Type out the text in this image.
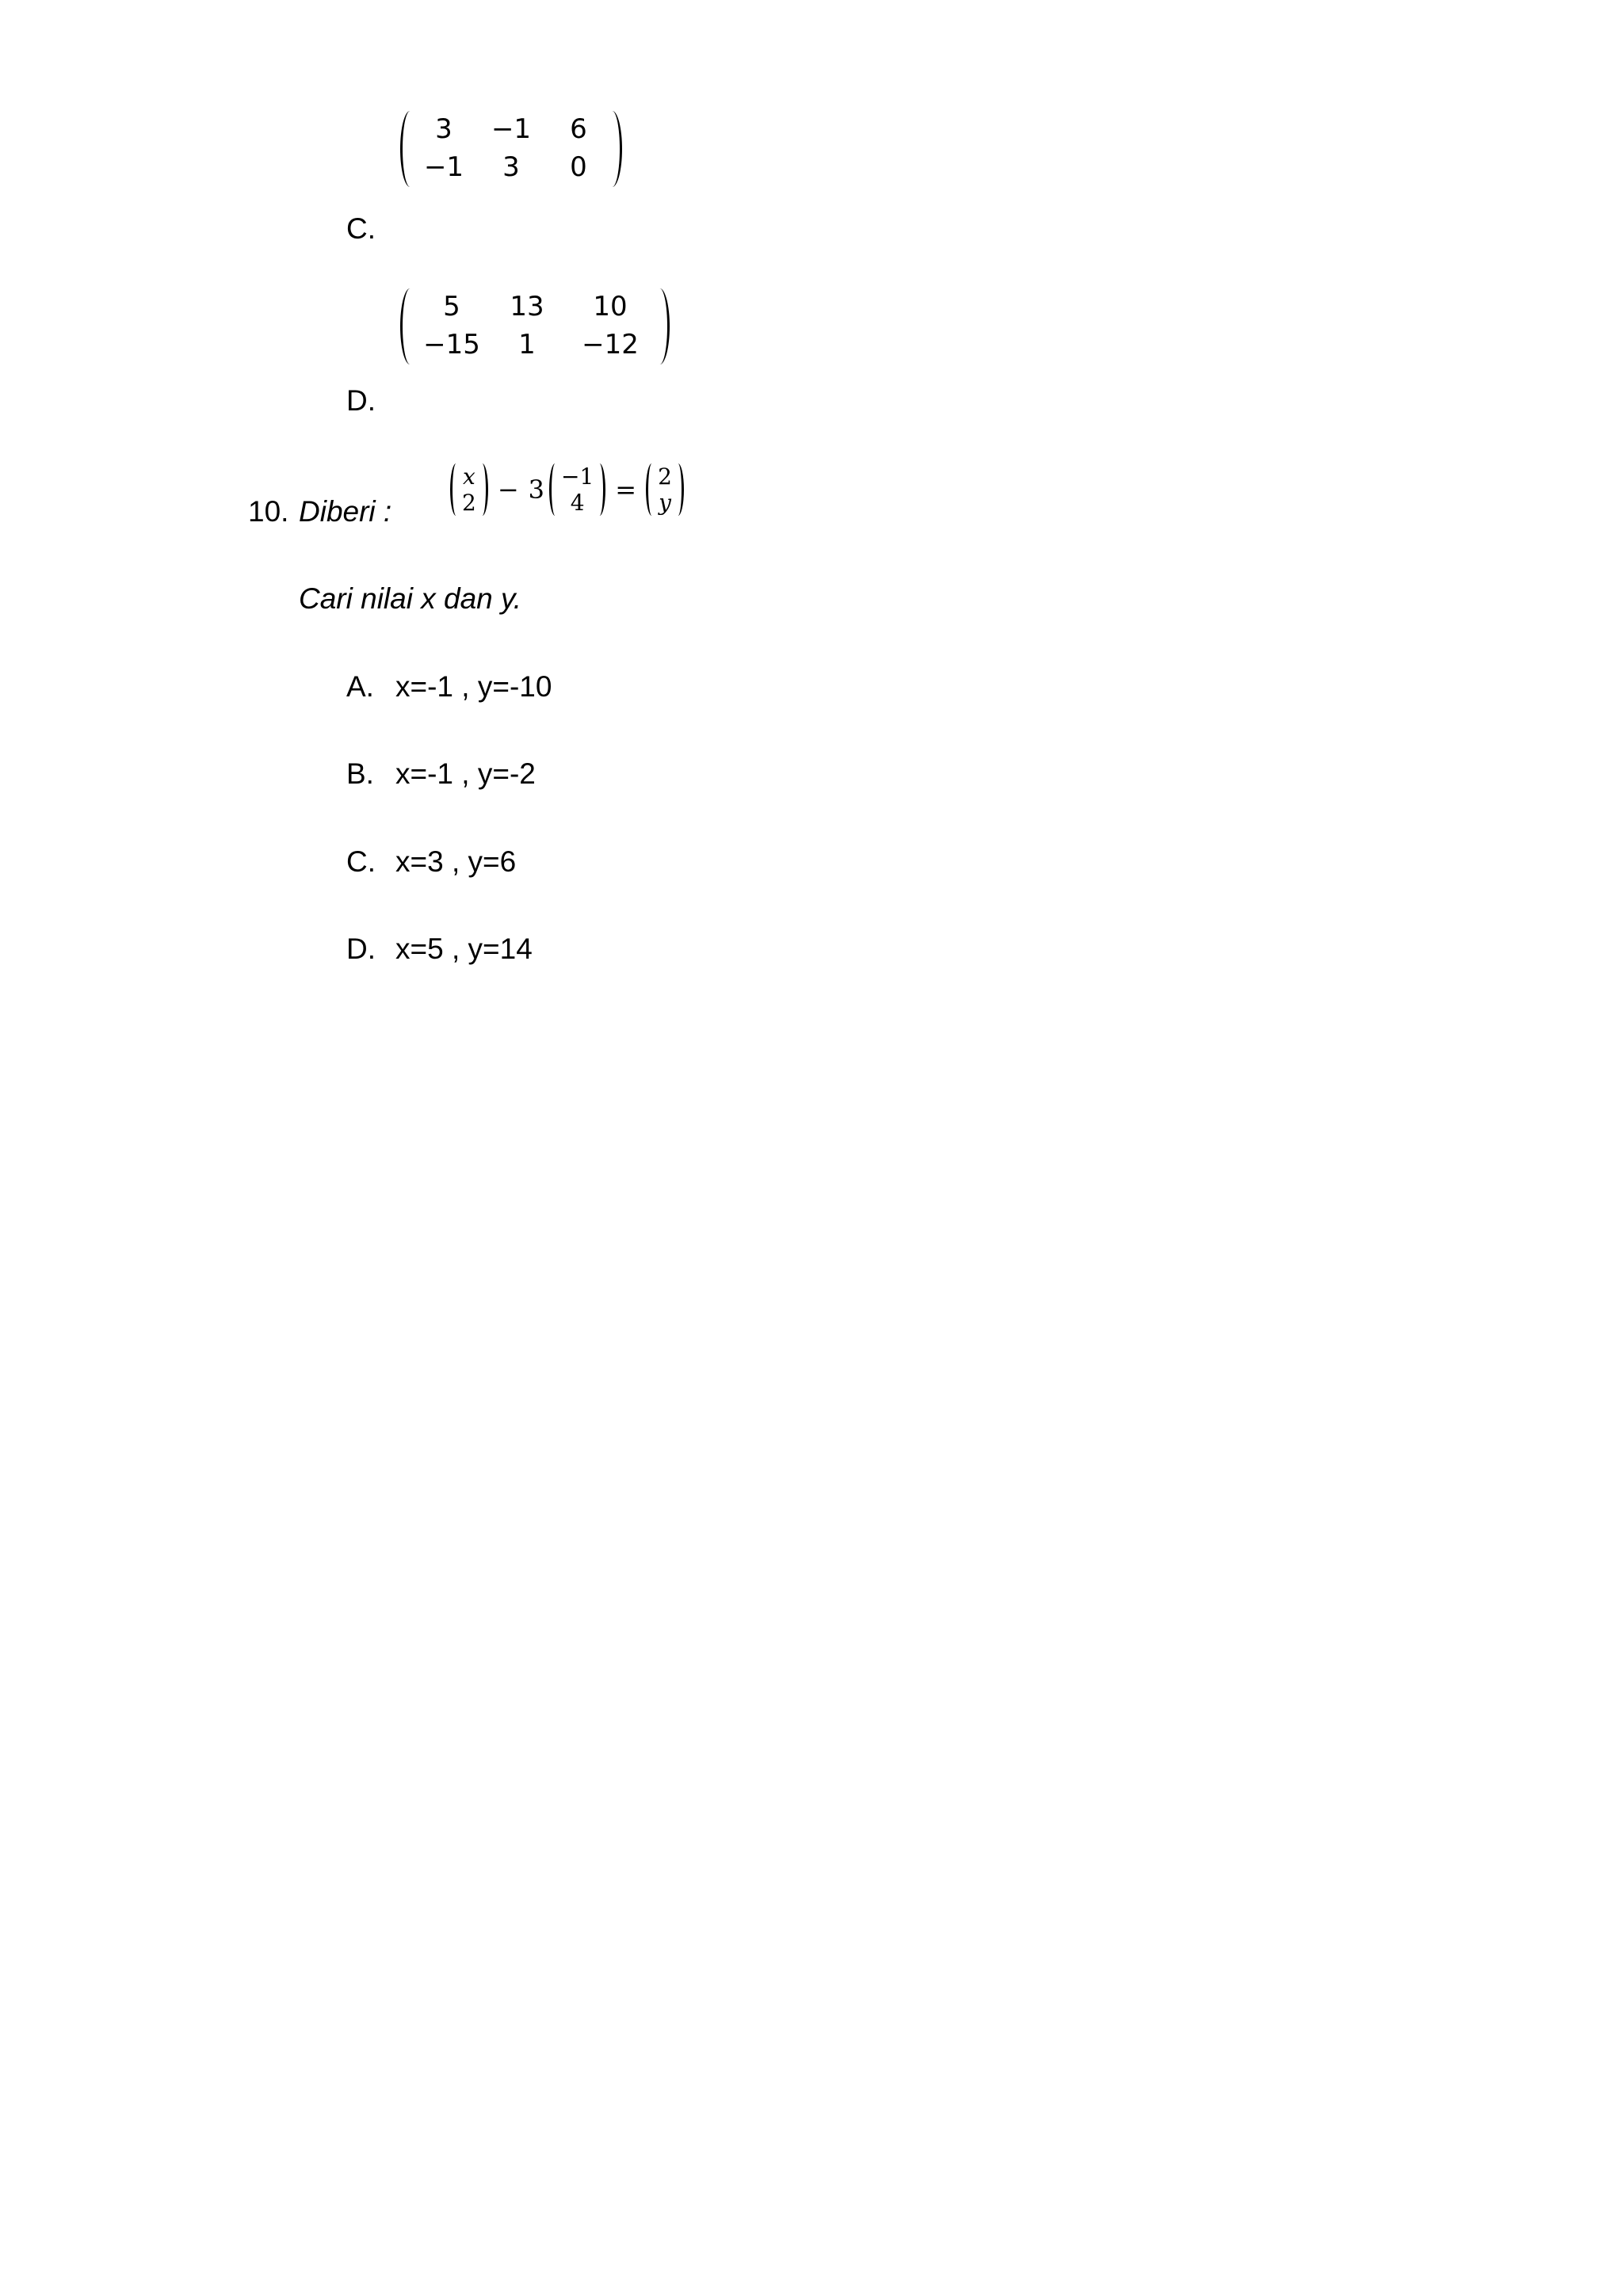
3	−1	6
−1	3	0
C.
5	13	10
−15	1	−12
D.
10. Diberi :
x
2 − 3 −1
4	= 2
y
Cari nilai x dan y.
A. x=-1 , y=-10
B. x=-1 , y=-2
C. x=3 , y=6
D. x=5 , y=14
